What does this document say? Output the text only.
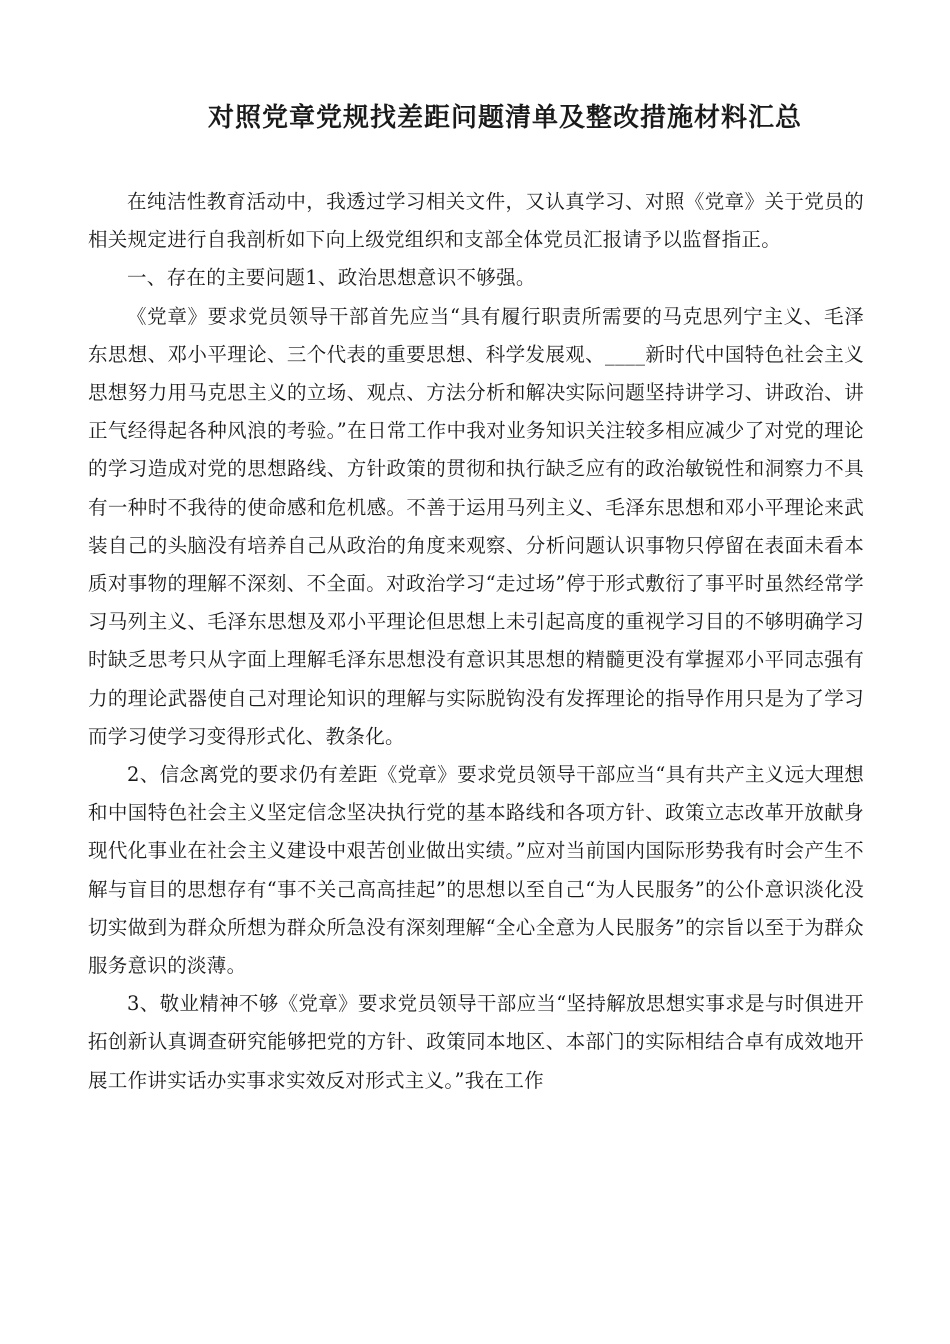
对照党章党规找差距问题清单及整改措施材料汇总

在纯洁性教育活动中，我透过学习相关文件，又认真学习、对照《党章》关于党员的相关规定进行自我剖析如下向上级党组织和支部全体党员汇报请予以监督指正。

一、存在的主要问题1、政治思想意识不够强。

《党章》要求党员领导干部首先应当“具有履行职责所需要的马克思列宁主义、毛泽东思想、邓小平理论、三个代表的重要思想、科学发展观、____新时代中国特色社会主义思想努力用马克思主义的立场、观点、方法分析和解决实际问题坚持讲学习、讲政治、讲正气经得起各种风浪的考验。”在日常工作中我对业务知识关注较多相应减少了对党的理论的学习造成对党的思想路线、方针政策的贯彻和执行缺乏应有的政治敏锐性和洞察力不具有一种时不我待的使命感和危机感。不善于运用马列主义、毛泽东思想和邓小平理论来武装自己的头脑没有培养自己从政治的角度来观察、分析问题认识事物只停留在表面未看本质对事物的理解不深刻、不全面。对政治学习“走过场”停于形式敷衍了事平时虽然经常学习马列主义、毛泽东思想及邓小平理论但思想上未引起高度的重视学习目的不够明确学习时缺乏思考只从字面上理解毛泽东思想没有意识其思想的精髓更没有掌握邓小平同志强有力的理论武器使自己对理论知识的理解与实际脱钩没有发挥理论的指导作用只是为了学习而学习使学习变得形式化、教条化。

2、信念离党的要求仍有差距《党章》要求党员领导干部应当“具有共产主义远大理想和中国特色社会主义坚定信念坚决执行党的基本路线和各项方针、政策立志改革开放献身现代化事业在社会主义建设中艰苦创业做出实绩。”应对当前国内国际形势我有时会产生不解与盲目的思想存有“事不关己高高挂起”的思想以至自己“为人民服务”的公仆意识淡化没切实做到为群众所想为群众所急没有深刻理解“全心全意为人民服务”的宗旨以至于为群众服务意识的淡薄。

3、敬业精神不够《党章》要求党员领导干部应当“坚持解放思想实事求是与时俱进开拓创新认真调查研究能够把党的方针、政策同本地区、本部门的实际相结合卓有成效地开展工作讲实话办实事求实效反对形式主义。”我在工作
